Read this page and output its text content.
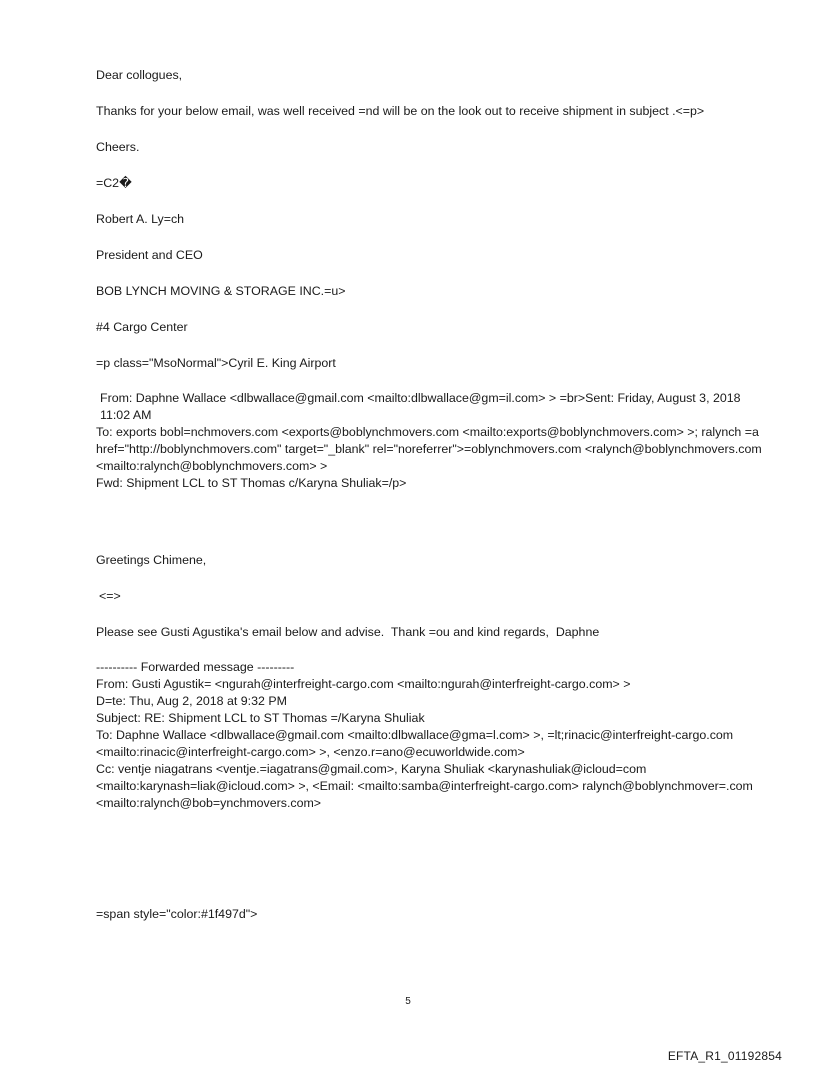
Dear collogues,
Thanks for your below email, was well received =nd will be on the look out to receive shipment in subject .<=p>
Cheers.
=C2�
Robert A. Ly=ch
President and CEO
BOB LYNCH MOVING & STORAGE INC.=u>
#4 Cargo Center
=p class="MsoNormal">Cyril E. King Airport
From: Daphne Wallace <dlbwallace@gmail.com <mailto:dlbwallace@gm=il.com> > =br>Sent: Friday, August 3, 2018 11:02 AM
To: exports bobl=nchmovers.com <exports@boblynchmovers.com <mailto:exports@boblynchmovers.com> >; ralynch =a href="http://boblynchmovers.com" target="_blank" rel="noreferrer">=oblynchmovers.com <ralynch@boblynchmovers.com <mailto:ralynch@boblynchmovers.com> >
Fwd: Shipment LCL to ST Thomas c/Karyna Shuliak=/p>
Greetings Chimene,
<=>
Please see Gusti Agustika's email below and advise.  Thank =ou and kind regards,  Daphne
---------- Forwarded message ---------
From: Gusti Agustik= <ngurah@interfreight-cargo.com <mailto:ngurah@interfreight-cargo.com> >
D=te: Thu, Aug 2, 2018 at 9:32 PM
Subject: RE: Shipment LCL to ST Thomas =/Karyna Shuliak
To: Daphne Wallace <dlbwallace@gmail.com <mailto:dlbwallace@gma=l.com> >, =lt;rinacic@interfreight-cargo.com <mailto:rinacic@interfreight-cargo.com> >, <enzo.r=ano@ecuworldwide.com>
Cc: ventje niagatrans <ventje.=iagatrans@gmail.com>, Karyna Shuliak <karynashuliak@icloud=com <mailto:karynash=liak@icloud.com> >, <Email: <mailto:samba@interfreight-cargo.com> ralynch@boblynchmover=.com <mailto:ralynch@bob=ynchmovers.com>
=span style="color:#1f497d">
5
EFTA_R1_01192854
